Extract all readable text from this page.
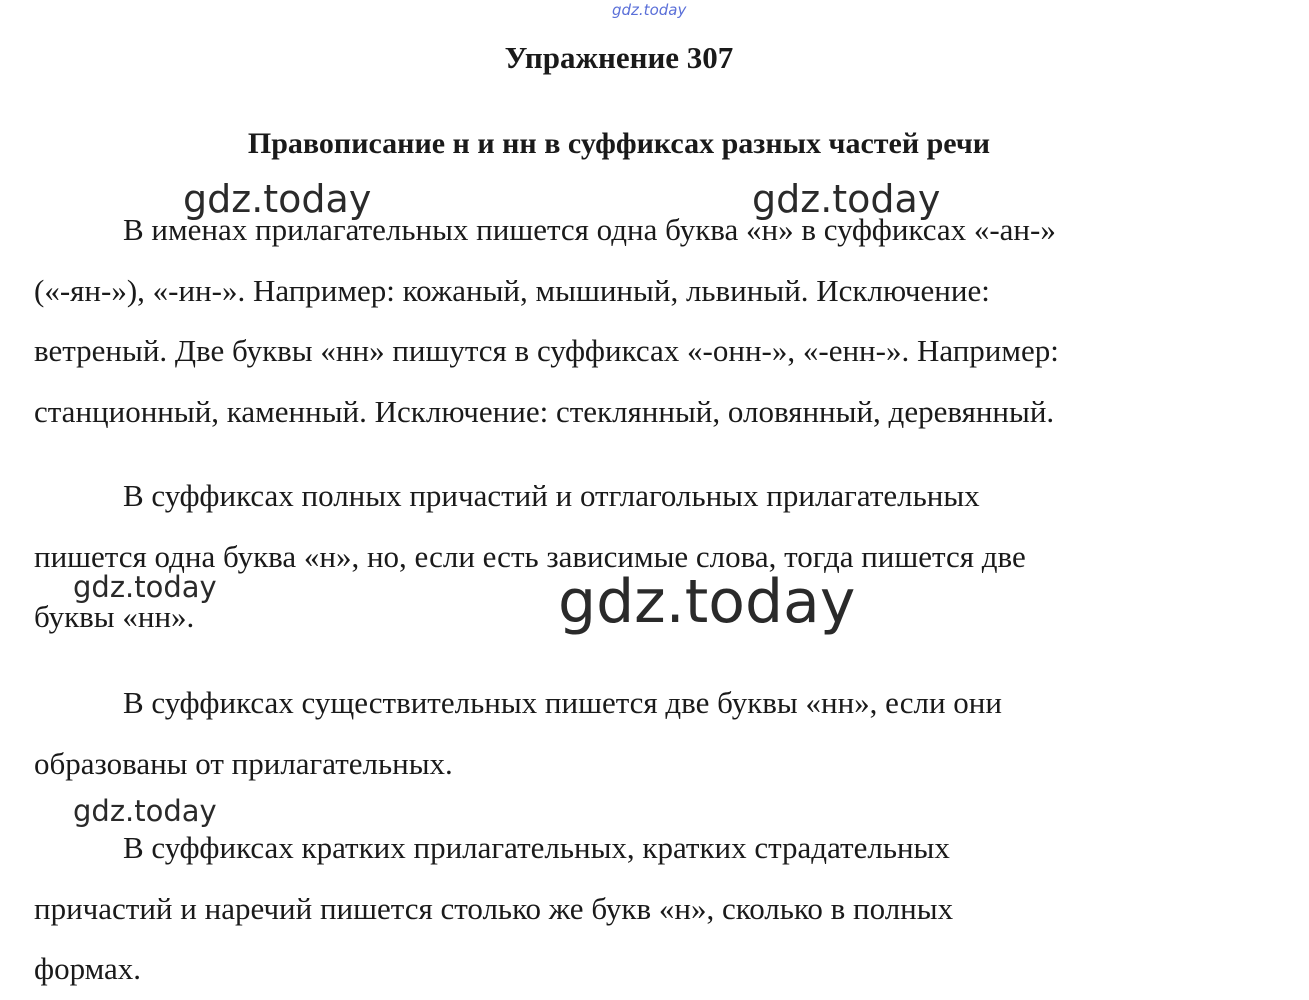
gdz.today
Упражнение 307
Правописание н и нн в суффиксах разных частей речи
В именах прилагательных пишется одна буква «н» в суффиксах «-ан-»
(«-ян-»), «-ин-». Например: кожаный, мышиный, львиный. Исключение:
ветреный. Две буквы «нн» пишутся в суффиксах «-онн-», «-енн-». Например:
станционный, каменный. Исключение: стеклянный, оловянный, деревянный.
В суффиксах полных причастий и отглагольных прилагательных
пишется одна буква «н», но, если есть зависимые слова, тогда пишется две
буквы «нн».
В суффиксах существительных пишется две буквы «нн», если они
образованы от прилагательных.
В суффиксах кратких прилагательных, кратких страдательных
причастий и наречий пишется столько же букв «н», сколько в полных
формах.
gdz.today	gdz.today
gdz.today	gdz.today
gdz.today
